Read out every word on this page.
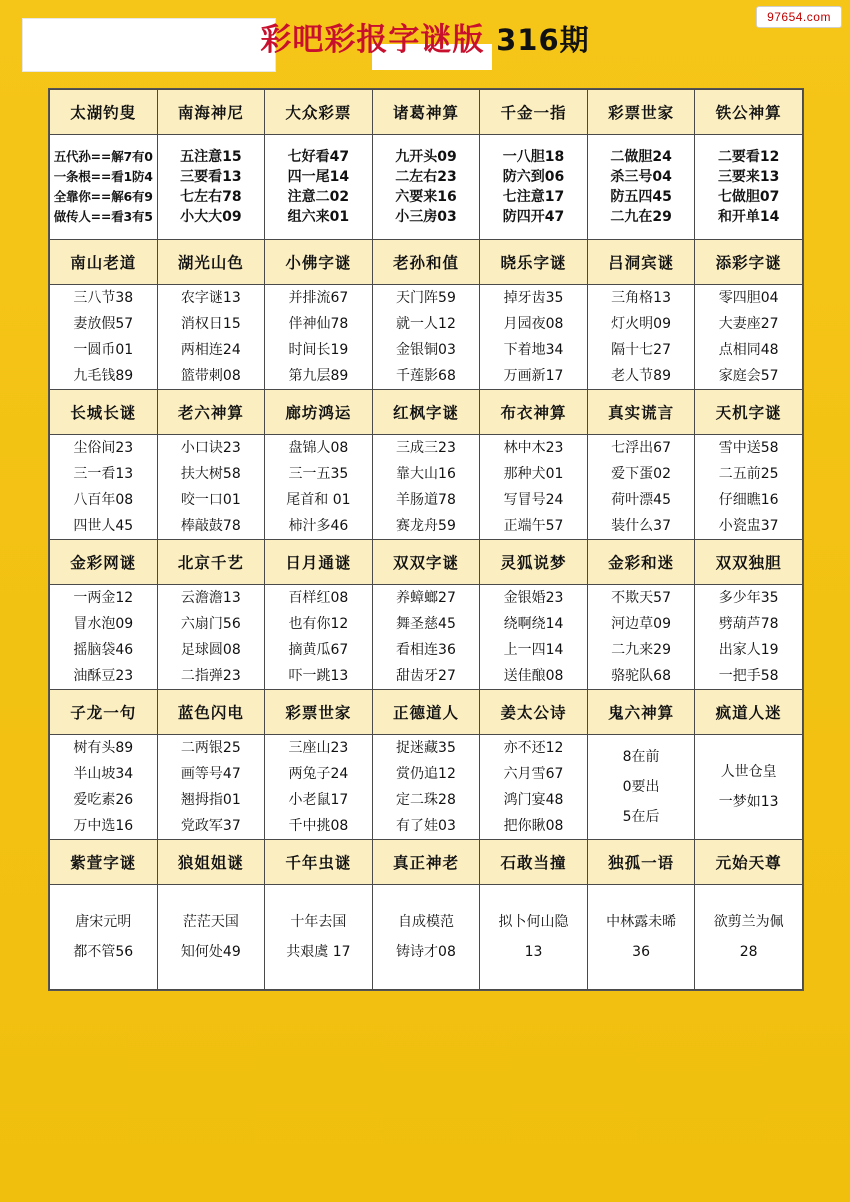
97654.com
彩吧彩报字谜版 316期
太湖钓叟	南海神尼	大众彩票	诸葛神算	千金一指	彩票世家	铁公神算

五代孙==解7有0
一条根==看1防4
全靠你==解6有9
做传人==看3有5

五注意15
三要看13
七左右78
小大大09

七好看47
四一尾14
注意二02
组六来01

九开头09
二左右23
六要来16
小三房03

一八胆18
防六到06
七注意17
防四开47

二做胆24
杀三号04
防五四45
二九在29

二要看12
三要来13
七做胆07
和开单14

南山老道	湖光山色	小佛字谜	老孙和值	晓乐字谜	吕洞宾谜	添彩字谜

三八节38
妻放假57
一圆币01
九毛钱89

农字谜13
消权日15
两相连24
篮带刺08

并排流67
伴神仙78
时间长19
第九层89

天门阵59
就一人12
金银铜03
千莲影68

掉牙齿35
月园夜08
下着地34
万画新17

三角格13
灯火明09
隔十七27
老人节89

零四胆04
大妻座27
点相同48
家庭会57

长城长谜	老六神算	廊坊鸿运	红枫字谜	布衣神算	真实谎言	天机字谜

尘俗间23
三一看13
八百年08
四世人45

小口诀23
扶大树58
咬一口01
棒敲鼓78

盘锦人08
三一五35
尾首和 01
柿汁多46

三成三23
靠大山16
羊肠道78
赛龙舟59

林中木23
那种犬01
写冒号24
正端午57

七浮出67
爱下蛋02
荷叶漂45
装什么37

雪中送58
二五前25
仔细瞧16
小瓷盅37

金彩网谜	北京千艺	日月通谜	双双字谜	灵狐说梦	金彩和迷	双双独胆

一两金12
冒水泡09
摇脑袋46
油酥豆23

云澹澹13
六扇门56
足球圆08
二指弹23

百样红08
也有你12
摘黄瓜67
吓一跳13

养蟑螂27
舞圣慈45
看相连36
甜齿牙27

金银婚23
绕啊绕14
上一四14
送佳酿08

不欺天57
河边草09
二九来29
骆驼队68

多少年35
劈葫芦78
出家人19
一把手58

子龙一句	蓝色闪电	彩票世家	正德道人	姜太公诗	鬼六神算	疯道人迷

树有头89
半山坡34
爱吃素26
万中选16

二两银25
画等号47
翘拇指01
党政军37

三座山23
两兔子24
小老鼠17
千中挑08

捉迷藏35
赏仍追12
定二珠28
有了娃03

亦不还12
六月雪67
鸿门宴48
把你瞅08

8在前
0要出
5在后

人世仓皇
一梦如13

紫萱字谜	狼姐姐谜	千年虫谜	真正神老	石敢当撞	独孤一语	元始天尊

唐宋元明
都不管56

茫茫天国
知何处49

十年去国
共艰虞 17

自成模范
铸诗才08

拟卜何山隐
13

中林露未晞
36

欲剪兰为佩
28
